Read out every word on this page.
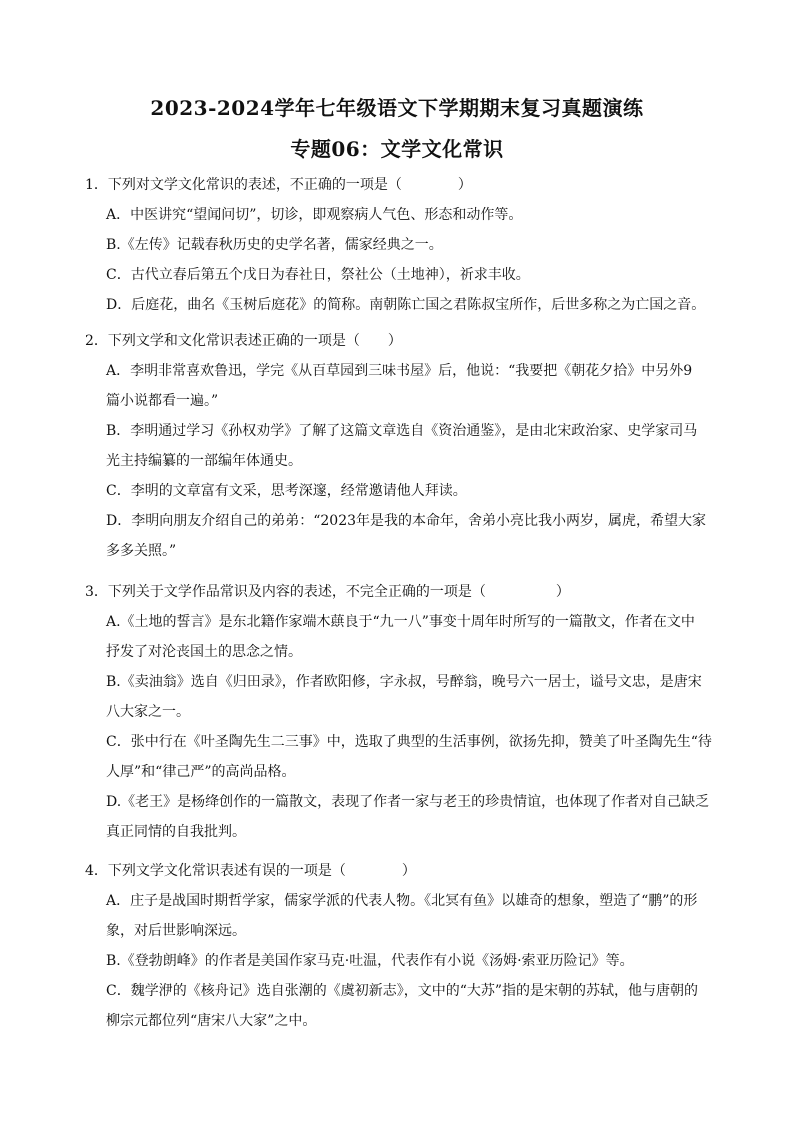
2023-2024学年七年级语文下学期期末复习真题演练
专题06：文学文化常识
1．下列对文学文化常识的表述，不正确的一项是（　　　　）
A．中医讲究“望闻问切”，切诊，即观察病人气色、形态和动作等。
B.《左传》记载春秋历史的史学名著，儒家经典之一。
C．古代立春后第五个戊日为春社日，祭社公（土地神），祈求丰收。
D．后庭花，曲名《玉树后庭花》的简称。南朝陈亡国之君陈叔宝所作，后世多称之为亡国之音。
2．下列文学和文化常识表述正确的一项是（　　）
A．李明非常喜欢鲁迅，学完《从百草园到三味书屋》后，他说：“我要把《朝花夕拾》中另外9
篇小说都看一遍。”
B．李明通过学习《孙权劝学》了解了这篇文章选自《资治通鉴》，是由北宋政治家、史学家司马
光主持编纂的一部编年体通史。
C．李明的文章富有文采，思考深邃，经常邀请他人拜读。
D．李明向朋友介绍自己的弟弟：“2023年是我的本命年，舍弟小亮比我小两岁，属虎，希望大家
多多关照。”
3．下列关于文学作品常识及内容的表述，不完全正确的一项是（　　　　　）
A.《土地的誓言》是东北籍作家端木蕻良于“九一八”事变十周年时所写的一篇散文，作者在文中
抒发了对沦丧国土的思念之情。
B.《卖油翁》选自《归田录》，作者欧阳修，字永叔，号醉翁，晚号六一居士，谥号文忠，是唐宋
八大家之一。
C．张中行在《叶圣陶先生二三事》中，选取了典型的生活事例，欲扬先抑，赞美了叶圣陶先生“待
人厚”和“律己严”的高尚品格。
D.《老王》是杨绛创作的一篇散文，表现了作者一家与老王的珍贵情谊，也体现了作者对自己缺乏
真正同情的自我批判。
4．下列文学文化常识表述有误的一项是（　　　　）
A．庄子是战国时期哲学家，儒家学派的代表人物。《北冥有鱼》以雄奇的想象，塑造了“鹏”的形
象，对后世影响深远。
B.《登勃朗峰》的作者是美国作家马克·吐温，代表作有小说《汤姆·索亚历险记》等。
C．魏学洢的《核舟记》选自张潮的《虞初新志》，文中的“大苏”指的是宋朝的苏轼，他与唐朝的
柳宗元都位列“唐宋八大家”之中。
